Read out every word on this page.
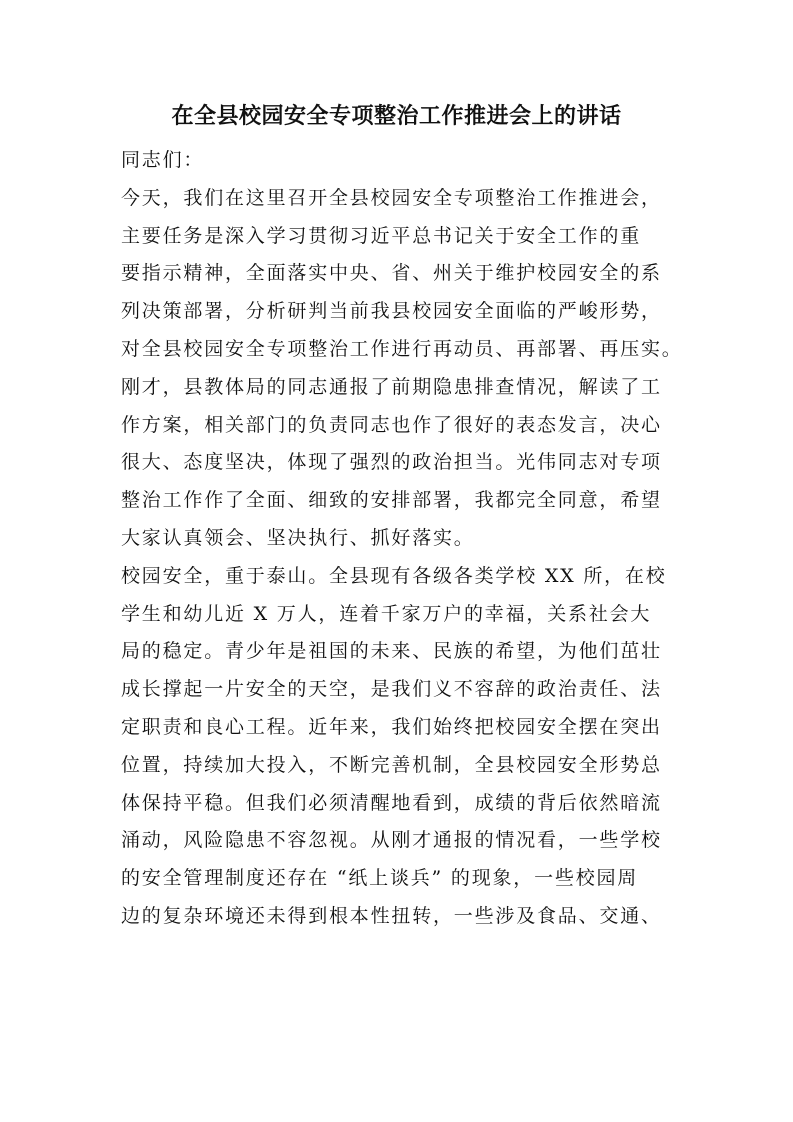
在全县校园安全专项整治工作推进会上的讲话
同志们：
今天，我们在这里召开全县校园安全专项整治工作推进会，
主要任务是深入学习贯彻习近平总书记关于安全工作的重
要指示精神，全面落实中央、省、州关于维护校园安全的系
列决策部署，分析研判当前我县校园安全面临的严峻形势，
对全县校园安全专项整治工作进行再动员、再部署、再压实。
刚才，县教体局的同志通报了前期隐患排查情况，解读了工
作方案，相关部门的负责同志也作了很好的表态发言，决心
很大、态度坚决，体现了强烈的政治担当。光伟同志对专项
整治工作作了全面、细致的安排部署，我都完全同意，希望
大家认真领会、坚决执行、抓好落实。
校园安全，重于泰山。全县现有各级各类学校 XX 所，在校
学生和幼儿近 X 万人，连着千家万户的幸福，关系社会大
局的稳定。青少年是祖国的未来、民族的希望，为他们茁壮
成长撑起一片安全的天空，是我们义不容辞的政治责任、法
定职责和良心工程。近年来，我们始终把校园安全摆在突出
位置，持续加大投入，不断完善机制，全县校园安全形势总
体保持平稳。但我们必须清醒地看到，成绩的背后依然暗流
涌动，风险隐患不容忽视。从刚才通报的情况看，一些学校
的安全管理制度还存在 “纸上谈兵” 的现象，一些校园周
边的复杂环境还未得到根本性扭转，一些涉及食品、交通、
